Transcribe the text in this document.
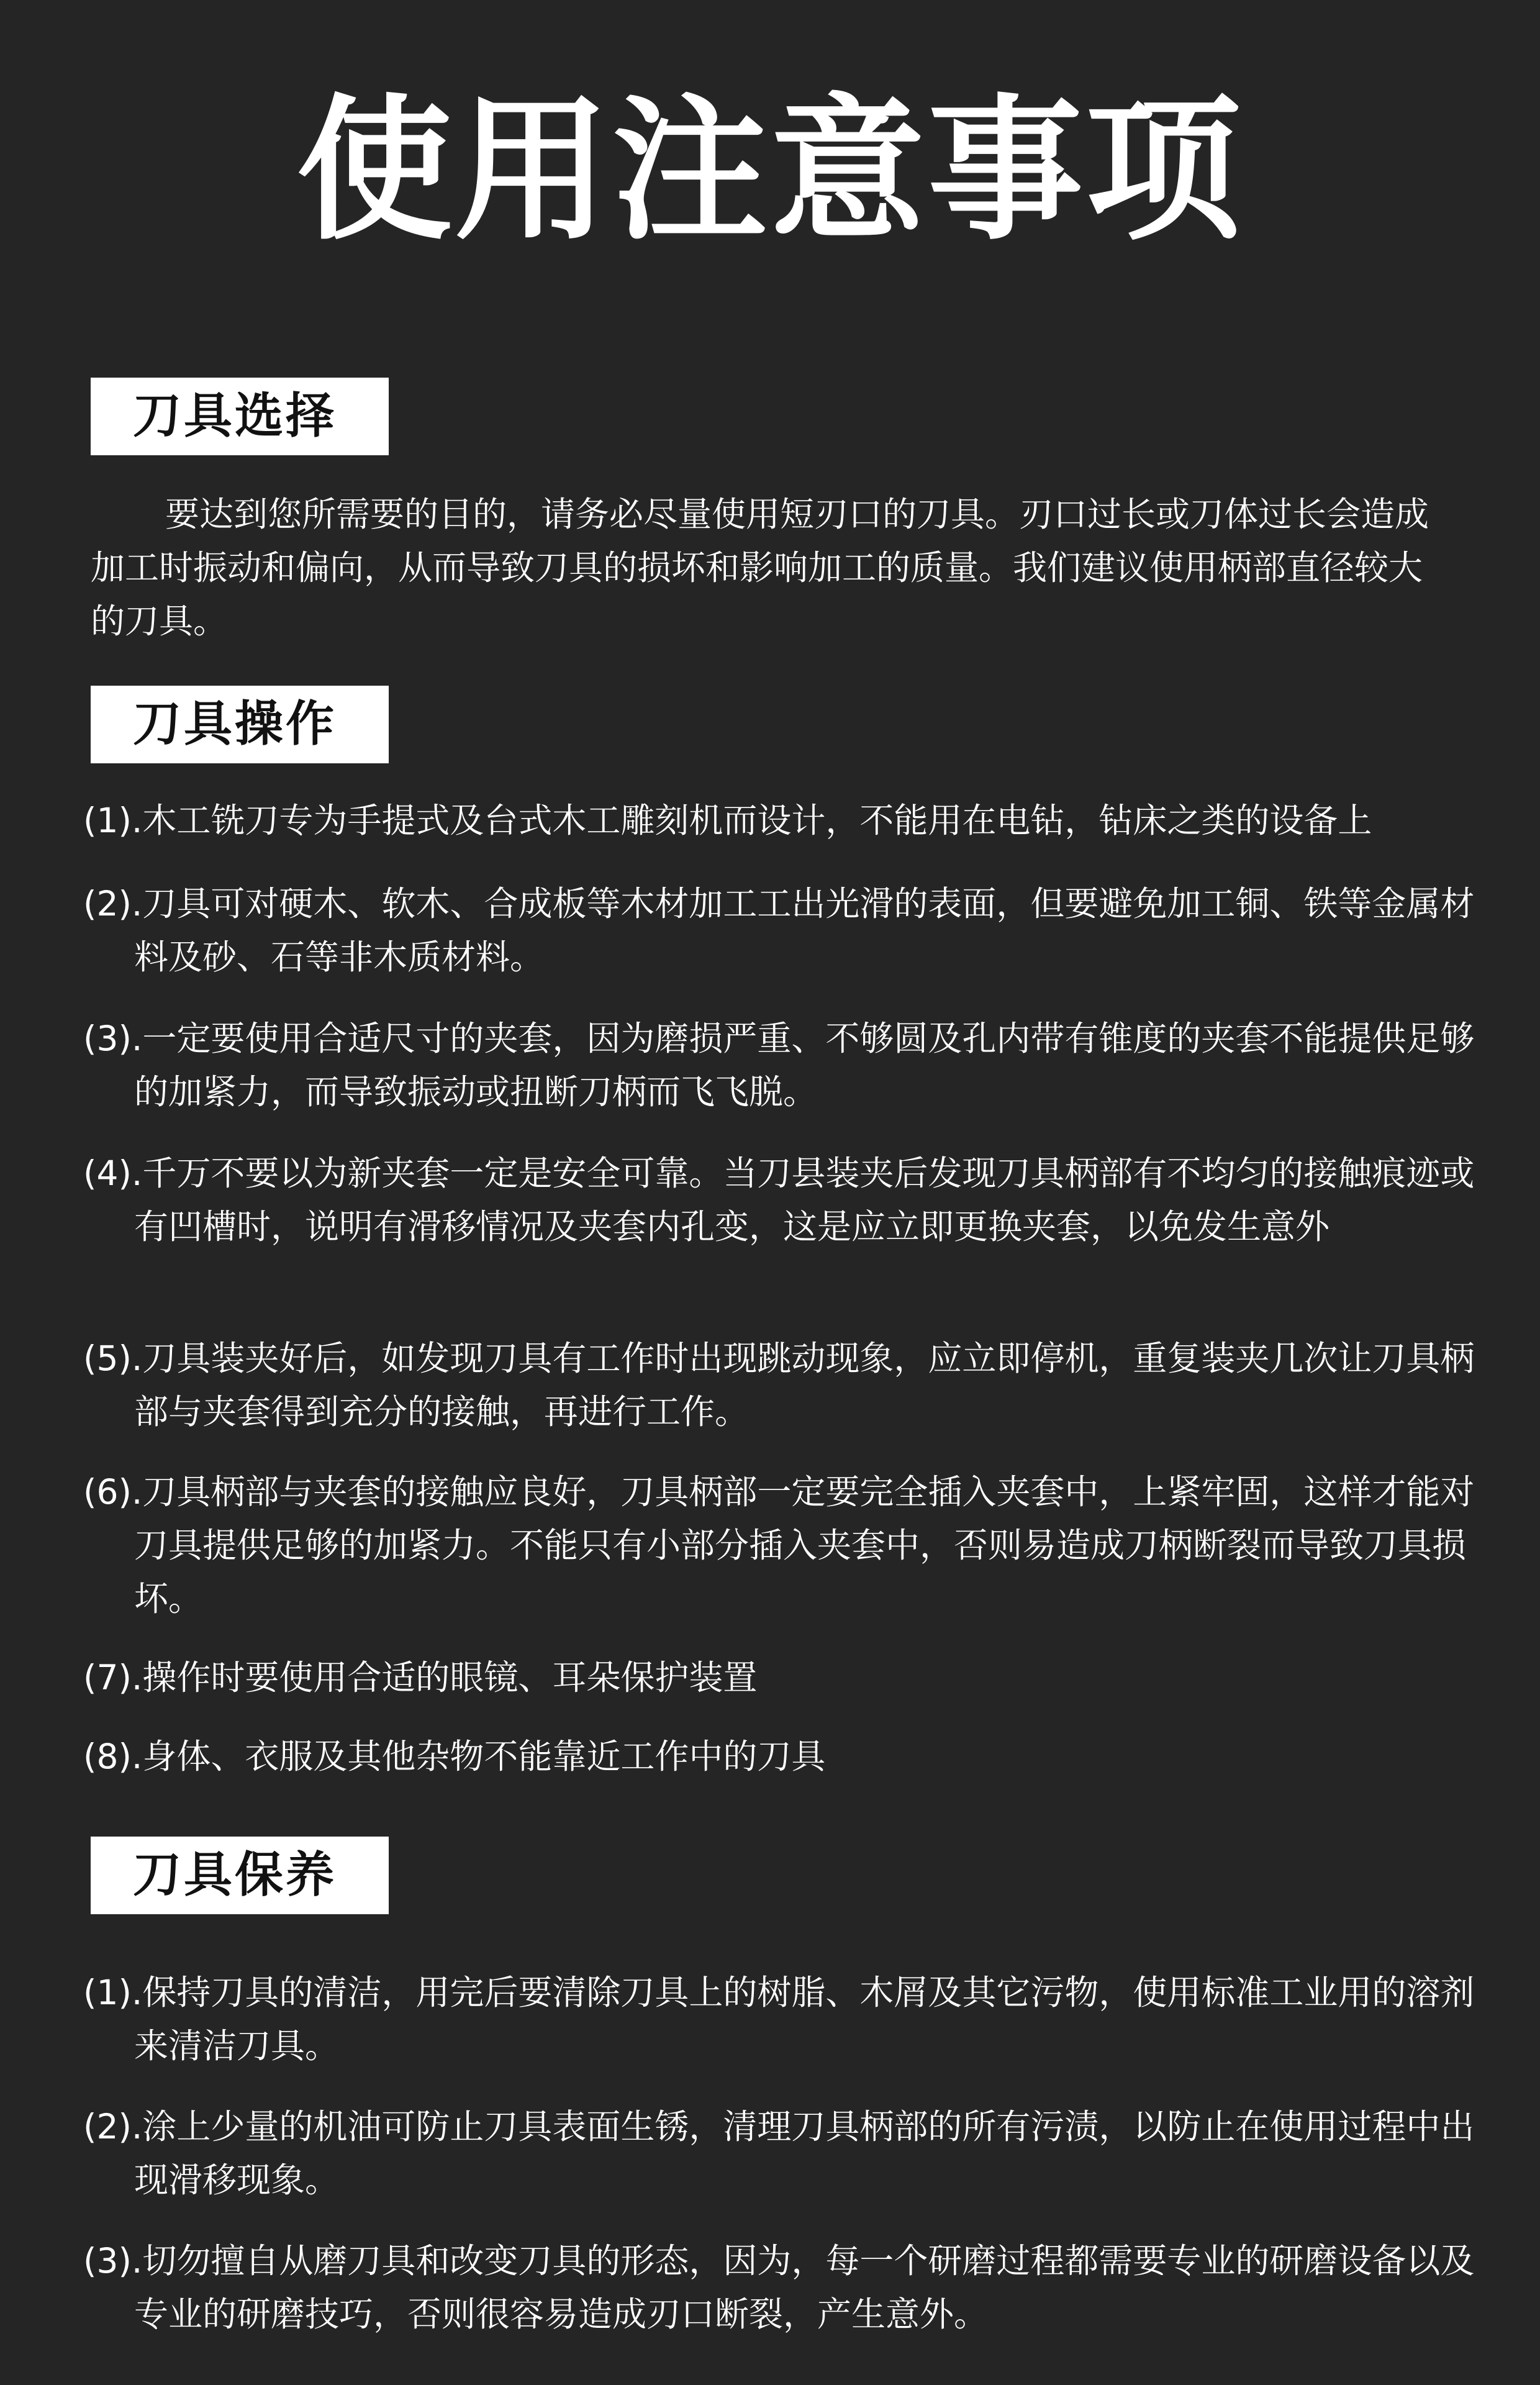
使用注意事项
刀具选择

要达到您所需要的目的，请务必尽量使用短刃口的刀具。刃口过长或刀体过长会造成加工时振动和偏向，从而导致刀具的损坏和影响加工的质量。我们建议使用柄部直径较大的刀具。

刀具操作

(1).木工铣刀专为手提式及台式木工雕刻机而设计，不能用在电钻，钻床之类的设备上

(2).刀具可对硬木、软木、合成板等木材加工工出光滑的表面，但要避免加工铜、铁等金属材料及砂、石等非木质材料。

(3).一定要使用合适尺寸的夹套，因为磨损严重、不够圆及孔内带有锥度的夹套不能提供足够的加紧力，而导致振动或扭断刀柄而飞飞脱。

(4).千万不要以为新夹套一定是安全可靠。当刀县装夹后发现刀具柄部有不均匀的接触痕迹或有凹槽时，说明有滑移情况及夹套内孔变，这是应立即更换夹套，以免发生意外

(5).刀具装夹好后，如发现刀具有工作时出现跳动现象，应立即停机，重复装夹几次让刀具柄部与夹套得到充分的接触，再进行工作。

(6).刀具柄部与夹套的接触应良好，刀具柄部一定要完全插入夹套中，上紧牢固，这样才能对刀具提供足够的加紧力。不能只有小部分插入夹套中，否则易造成刀柄断裂而导致刀具损坏。

(7).操作时要使用合适的眼镜、耳朵保护装置

(8).身体、衣服及其他杂物不能靠近工作中的刀具

刀具保养

(1).保持刀具的清洁，用完后要清除刀具上的树脂、木屑及其它污物，使用标准工业用的溶剂来清洁刀具。

(2).涂上少量的机油可防止刀具表面生锈，清理刀具柄部的所有污渍，以防止在使用过程中出现滑移现象。

(3).切勿擅自从磨刀具和改变刀具的形态，因为，每一个研磨过程都需要专业的研磨设备以及专业的研磨技巧，否则很容易造成刃口断裂，产生意外。
